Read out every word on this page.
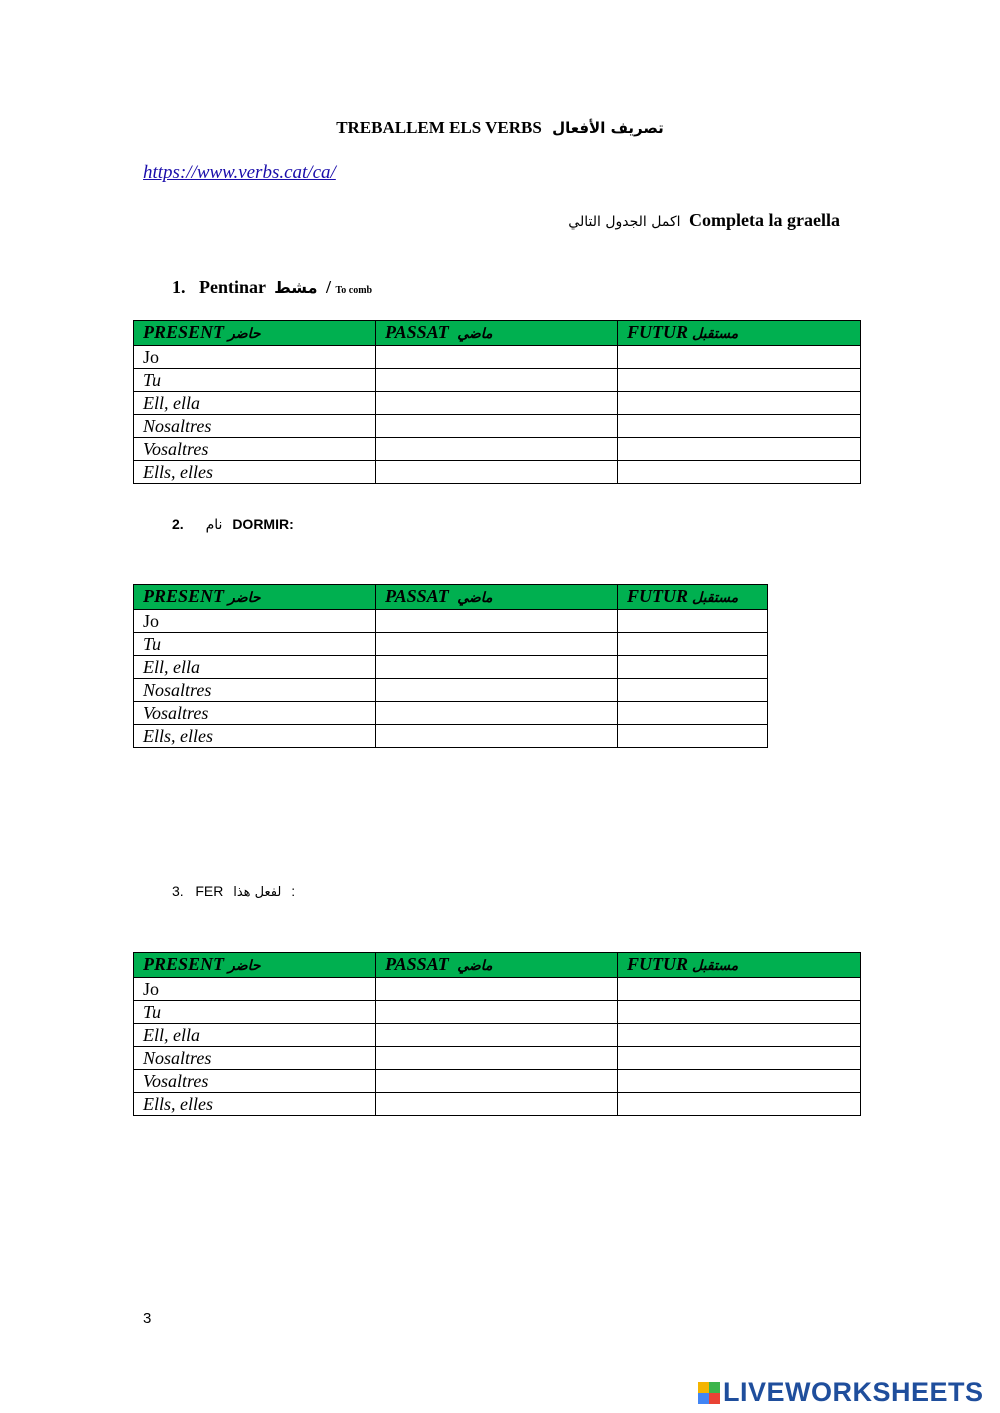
TREBALLEM ELS VERBS تصريف الأفعال
https://www.verbs.cat/ca/
اكمل الجدول التالي Completa la graella
1. Pentinar مشط / To comb
PRESENT حاضر	PASSAT ماضي	FUTUR مستقبل
Jo		
Tu		
Ell, ella		
Nosaltres		
Vosaltres		
Ells, elles		
2. نام DORMIR:
PRESENT حاضر	PASSAT ماضي	FUTUR مستقبل
Jo		
Tu		
Ell, ella		
Nosaltres		
Vosaltres		
Ells, elles		
3. FER لفعل هذا :
PRESENT حاضر	PASSAT ماضي	FUTUR مستقبل
Jo		
Tu		
Ell, ella		
Nosaltres		
Vosaltres		
Ells, elles		
3
LIVEWORKSHEETS
